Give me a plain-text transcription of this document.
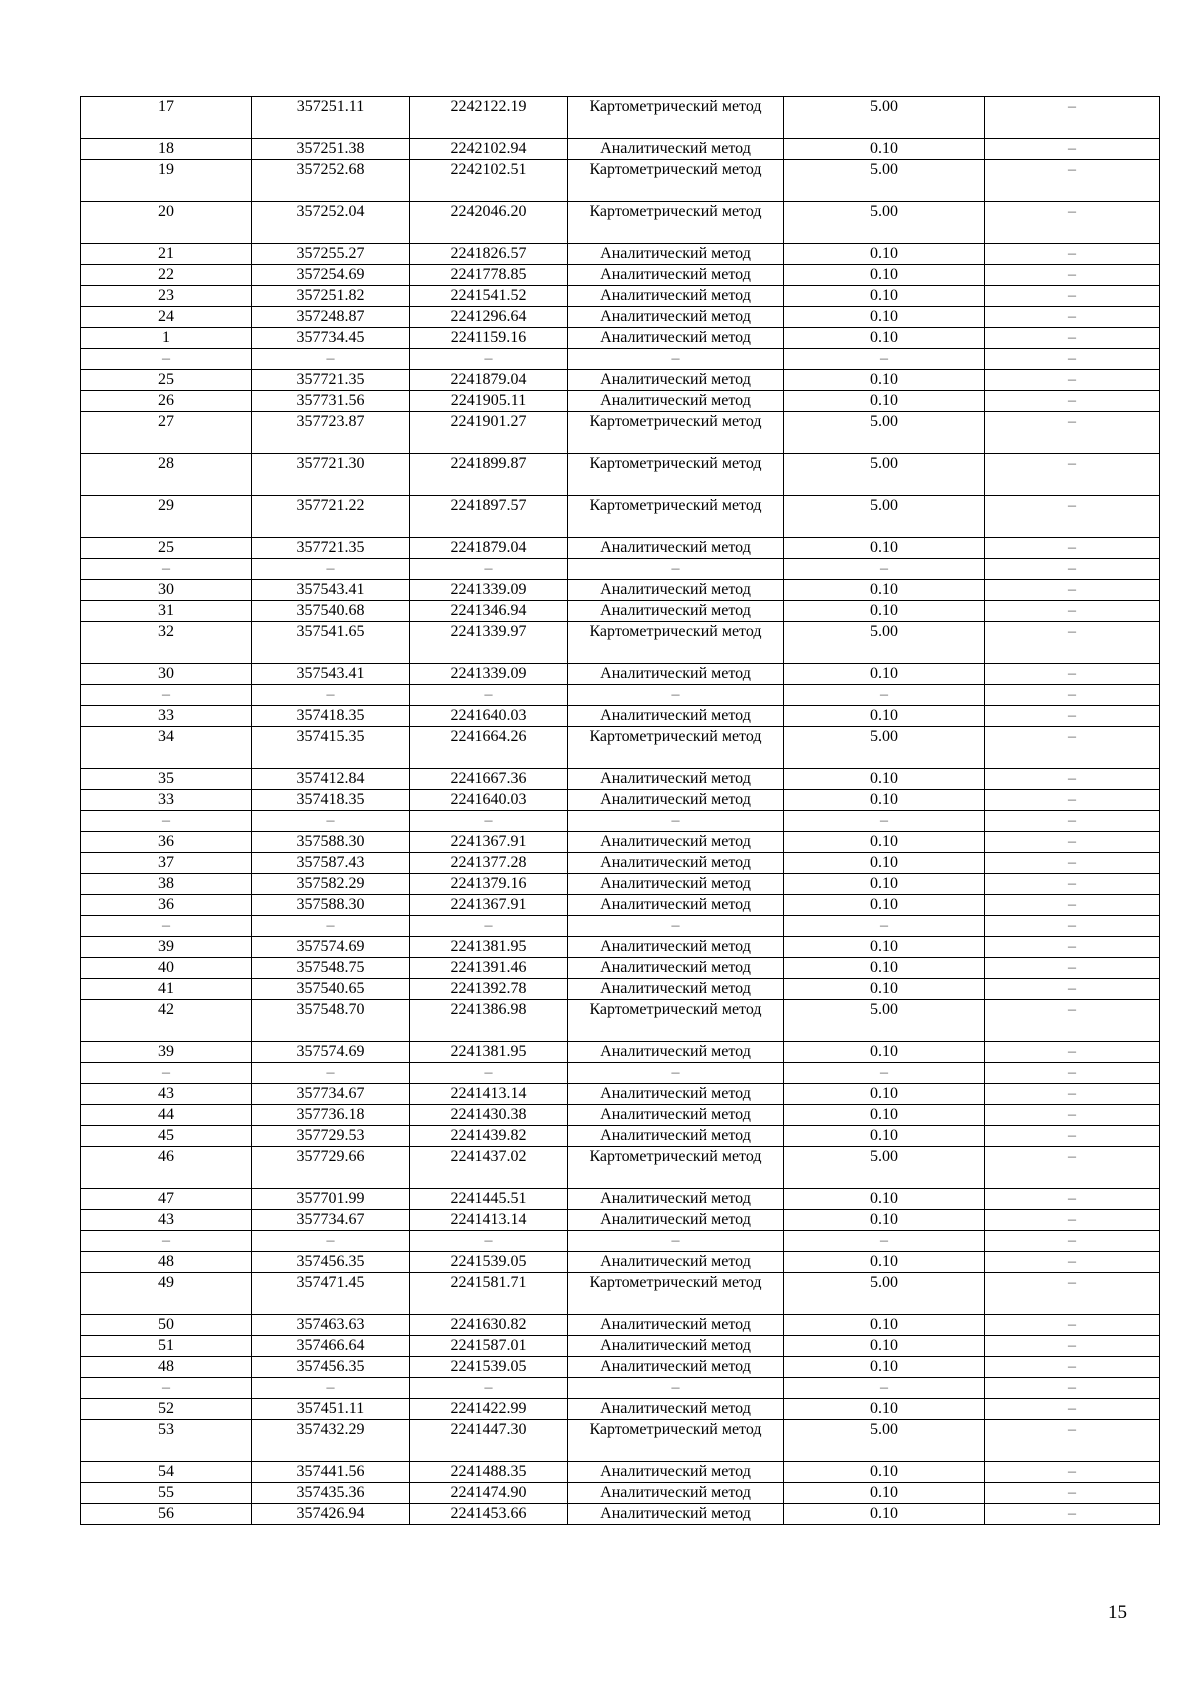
17	357251.11	2242122.19	Картометрический метод	5.00	–
18	357251.38	2242102.94	Аналитический метод	0.10	–
19	357252.68	2242102.51	Картометрический метод	5.00	–
20	357252.04	2242046.20	Картометрический метод	5.00	–
21	357255.27	2241826.57	Аналитический метод	0.10	–
22	357254.69	2241778.85	Аналитический метод	0.10	–
23	357251.82	2241541.52	Аналитический метод	0.10	–
24	357248.87	2241296.64	Аналитический метод	0.10	–
1	357734.45	2241159.16	Аналитический метод	0.10	–
–	–	–	–	–	–
25	357721.35	2241879.04	Аналитический метод	0.10	–
26	357731.56	2241905.11	Аналитический метод	0.10	–
27	357723.87	2241901.27	Картометрический метод	5.00	–
28	357721.30	2241899.87	Картометрический метод	5.00	–
29	357721.22	2241897.57	Картометрический метод	5.00	–
25	357721.35	2241879.04	Аналитический метод	0.10	–
–	–	–	–	–	–
30	357543.41	2241339.09	Аналитический метод	0.10	–
31	357540.68	2241346.94	Аналитический метод	0.10	–
32	357541.65	2241339.97	Картометрический метод	5.00	–
30	357543.41	2241339.09	Аналитический метод	0.10	–
–	–	–	–	–	–
33	357418.35	2241640.03	Аналитический метод	0.10	–
34	357415.35	2241664.26	Картометрический метод	5.00	–
35	357412.84	2241667.36	Аналитический метод	0.10	–
33	357418.35	2241640.03	Аналитический метод	0.10	–
–	–	–	–	–	–
36	357588.30	2241367.91	Аналитический метод	0.10	–
37	357587.43	2241377.28	Аналитический метод	0.10	–
38	357582.29	2241379.16	Аналитический метод	0.10	–
36	357588.30	2241367.91	Аналитический метод	0.10	–
–	–	–	–	–	–
39	357574.69	2241381.95	Аналитический метод	0.10	–
40	357548.75	2241391.46	Аналитический метод	0.10	–
41	357540.65	2241392.78	Аналитический метод	0.10	–
42	357548.70	2241386.98	Картометрический метод	5.00	–
39	357574.69	2241381.95	Аналитический метод	0.10	–
–	–	–	–	–	–
43	357734.67	2241413.14	Аналитический метод	0.10	–
44	357736.18	2241430.38	Аналитический метод	0.10	–
45	357729.53	2241439.82	Аналитический метод	0.10	–
46	357729.66	2241437.02	Картометрический метод	5.00	–
47	357701.99	2241445.51	Аналитический метод	0.10	–
43	357734.67	2241413.14	Аналитический метод	0.10	–
–	–	–	–	–	–
48	357456.35	2241539.05	Аналитический метод	0.10	–
49	357471.45	2241581.71	Картометрический метод	5.00	–
50	357463.63	2241630.82	Аналитический метод	0.10	–
51	357466.64	2241587.01	Аналитический метод	0.10	–
48	357456.35	2241539.05	Аналитический метод	0.10	–
–	–	–	–	–	–
52	357451.11	2241422.99	Аналитический метод	0.10	–
53	357432.29	2241447.30	Картометрический метод	5.00	–
54	357441.56	2241488.35	Аналитический метод	0.10	–
55	357435.36	2241474.90	Аналитический метод	0.10	–
56	357426.94	2241453.66	Аналитический метод	0.10	–
15
